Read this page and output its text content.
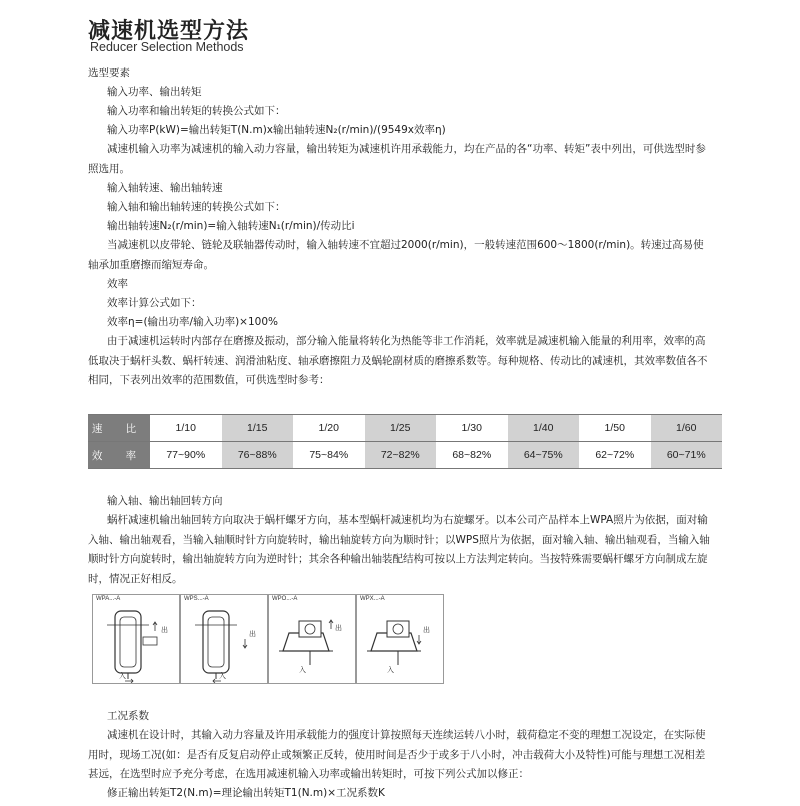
减速机选型方法
Reducer Selection Methods
选型要素
输入功率、输出转矩
输入功率和输出转矩的转换公式如下：
输入功率P(kW)=输出转矩T(N.m)x输出轴转速N₂(r/min)/(9549x效率η)
减速机输入功率为减速机的输入动力容量，输出转矩为减速机许用承载能力，均在产品的各“功率、转矩”表中列出，可供选型时参照选用。
输入轴转速、输出轴转速
输入轴和输出轴转速的转换公式如下：
输出轴转速N₂(r/min)=输入轴转速N₁(r/min)/传动比i
当减速机以皮带轮、链轮及联轴器传动时，输入轴转速不宜超过2000(r/min)，一般转速范围600～1800(r/min)。转速过高易使轴承加重磨擦而缩短寿命。
效率
效率计算公式如下：
效率η=(输出功率/输入功率)×100%
由于减速机运转时内部存在磨擦及振动，部分输入能量将转化为热能等非工作消耗，效率就是减速机输入能量的利用率，效率的高低取决于蜗杆头数、蜗杆转速、润滑油粘度、轴承磨擦阻力及蜗轮副材质的磨擦系数等。每种规格、传动比的减速机，其效率数值各不相同，下表列出效率的范围数值，可供选型时参考：
速 比	1/10	1/15	1/20	1/25	1/30	1/40	1/50	1/60
效 率	77~90%	76~88%	75~84%	72~82%	68~82%	64~75%	62~72%	60~71%
输入轴、输出轴回转方向
蜗杆减速机输出轴回转方向取决于蜗杆螺牙方向，基本型蜗杆减速机均为右旋螺牙。以本公司产品样本上WPA照片为依据，面对输入轴、输出轴观看，当输入轴顺时针方向旋转时，输出轴旋转方向为顺时针；以WPS照片为依据，面对输入轴、输出轴观看，当输入轴顺时针方向旋转时，输出轴旋转方向为逆时针；其余各种输出轴装配结构可按以上方法判定转向。当按特殊需要蜗杆螺牙方向制成左旋时，情况正好相反。
WPA...-A
出
入
WPS...-A
出
入
WPO...-A
出
入
WPX...-A
出
入
工况系数
减速机在设计时，其输入动力容量及许用承载能力的强度计算按照每天连续运转八小时，载荷稳定不变的理想工况设定，在实际使用时，现场工况(如：是否有反复启动停止或频繁正反转，使用时间是否少于或多于八小时，冲击载荷大小及特性)可能与理想工况相差甚远，在选型时应予充分考虑，在选用减速机输入功率或输出转矩时，可按下列公式加以修正：
修正输出转矩T2(N.m)=理论输出转矩T1(N.m)×工况系数K
